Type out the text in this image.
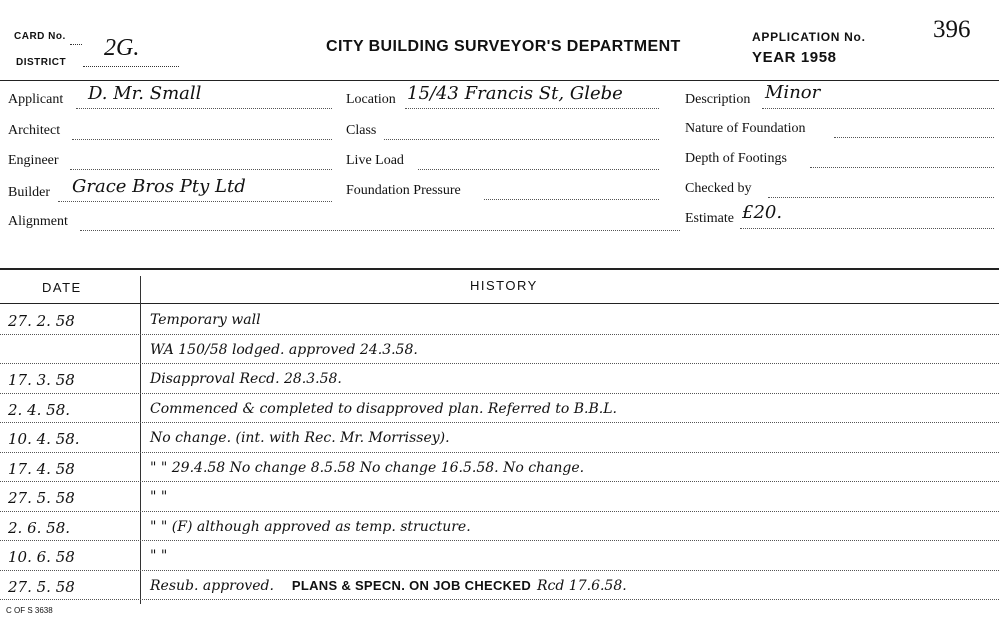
CARD No.
DISTRICT
2G.	CITY BUILDING SURVEYOR'S DEPARTMENT
APPLICATION No.
YEAR 1958
396
Applicant D. Mr. Small
Architect
Engineer
Builder Grace Bros Pty Ltd
Alignment
Location 15/43 Francis St, Glebe
Class
Live Load
Foundation Pressure
Description Minor
Nature of Foundation
Depth of Footings
Checked by
Estimate £20.
DATE	HISTORY
27. 2. 58	Temporary wall
WA 150/58 lodged. approved 24.3.58.
17. 3. 58	Disapproval Recd. 28.3.58.
2. 4. 58.	Commenced & completed to disapproved plan. Referred to B.B.L.
10. 4. 58.	No change. (int. with Rec. Mr. Morrissey).
17. 4. 58	" " 29.4.58 No change 8.5.58 No change 16.5.58. No change.
27. 5. 58	" "
2. 6. 58.	" " (F) although approved as temp. structure.
10. 6. 58	" "
27. 5. 58	Resub. approved. PLANS & SPECN. ON JOB CHECKED Rcd 17.6.58.
C OF S 3638
